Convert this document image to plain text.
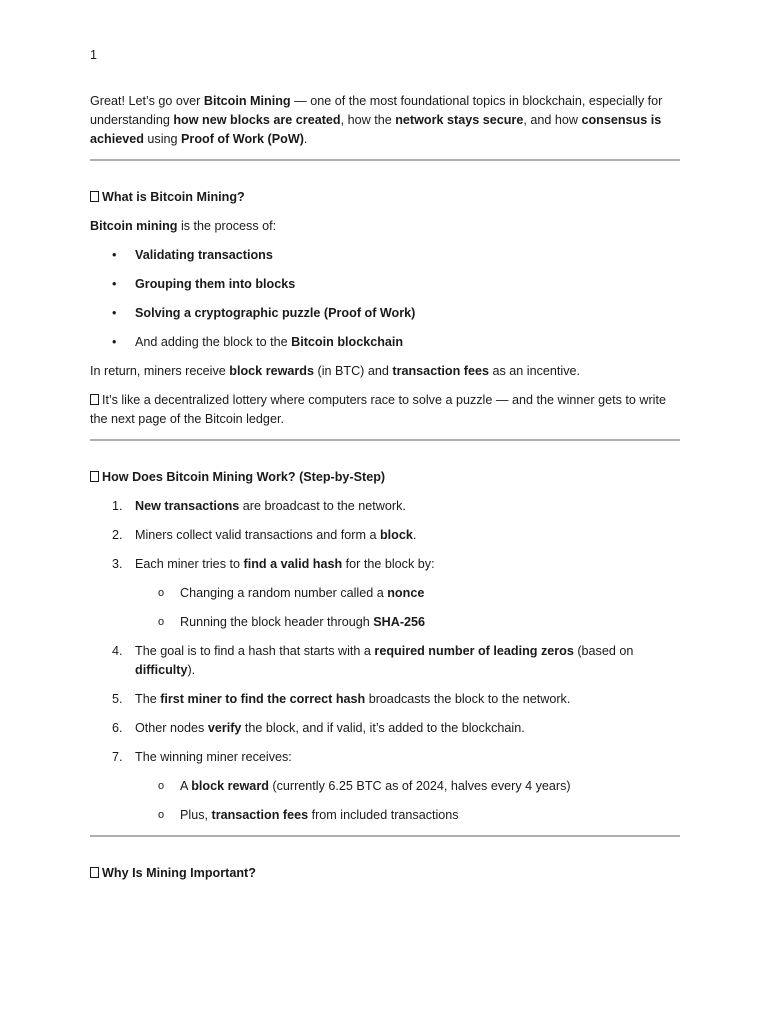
1

Great! Let’s go over Bitcoin Mining — one of the most foundational topics in blockchain, especially for understanding how new blocks are created, how the network stays secure, and how consensus is achieved using Proof of Work (PoW).

What is Bitcoin Mining?

Bitcoin mining is the process of:

• Validating transactions
• Grouping them into blocks
• Solving a cryptographic puzzle (Proof of Work)
• And adding the block to the Bitcoin blockchain

In return, miners receive block rewards (in BTC) and transaction fees as an incentive.

It’s like a decentralized lottery where computers race to solve a puzzle — and the winner gets to write the next page of the Bitcoin ledger.

How Does Bitcoin Mining Work? (Step-by-Step)

1. New transactions are broadcast to the network.
2. Miners collect valid transactions and form a block.
3. Each miner tries to find a valid hash for the block by:
o Changing a random number called a nonce
o Running the block header through SHA-256
4. The goal is to find a hash that starts with a required number of leading zeros (based on difficulty).
5. The first miner to find the correct hash broadcasts the block to the network.
6. Other nodes verify the block, and if valid, it’s added to the blockchain.
7. The winning miner receives:
o A block reward (currently 6.25 BTC as of 2024, halves every 4 years)
o Plus, transaction fees from included transactions

Why Is Mining Important?
